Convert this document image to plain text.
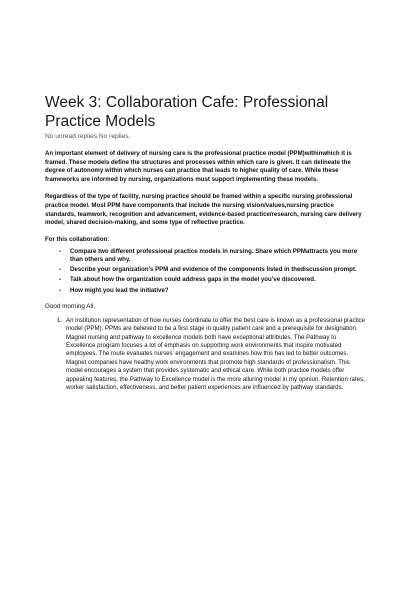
Week 3: Collaboration Cafe: Professional Practice Models
No unread replies.No replies.
An important element of delivery of nursing care is the professional practice model (PPM)withinwhich it is framed. These models define the structures and processes within which care is given. It can delineate the degree of autonomy within which nurses can practice that leads to higher quality of care. While these frameworks are informed by nursing, organizations must support implementing these models.
Regardless of the type of facility, nursing practice should be framed within a specific nursing professional practice model. Most PPM have components that include the nursing vision/values,nursing practice standards, teamwork, recognition and advancement, evidence-based practice/research, nursing care delivery model, shared decision-making, and some type of reflective practice.
For this collaboration:
• Compare two different professional practice models in nursing. Share which PPMattracts you more than others and why.
• Describe your organization’s PPM and evidence of the components listed in thediscussion prompt.
• Talk about how the organization could address gaps in the model you’ve discovered.
• How might you lead the initiative?
Good morning All,
1. An institution representation of how nurses coordinate to offer the best care is known as a professional practice model (PPM). PPMs are believed to be a first stage in quality patient care and a prerequisite for designation. Magnet nursing and pathway to excellence models both have exceptional attributes. The Pathway to Excellence program focuses a lot of emphasis on supporting work environments that inspire motivated employees. The route evaluates nurses’ engagement and examines how this has led to better outcomes. Magnet companies have healthy work environments that promote high standards of professionalism. This model encourages a system that provides systematic and ethical care. While both practice models offer appealing features, the Pathway to Excellence model is the more alluring model in my opinion. Retention rates, worker satisfaction, effectiveness, and better patient experiences are influenced by pathway standards.
